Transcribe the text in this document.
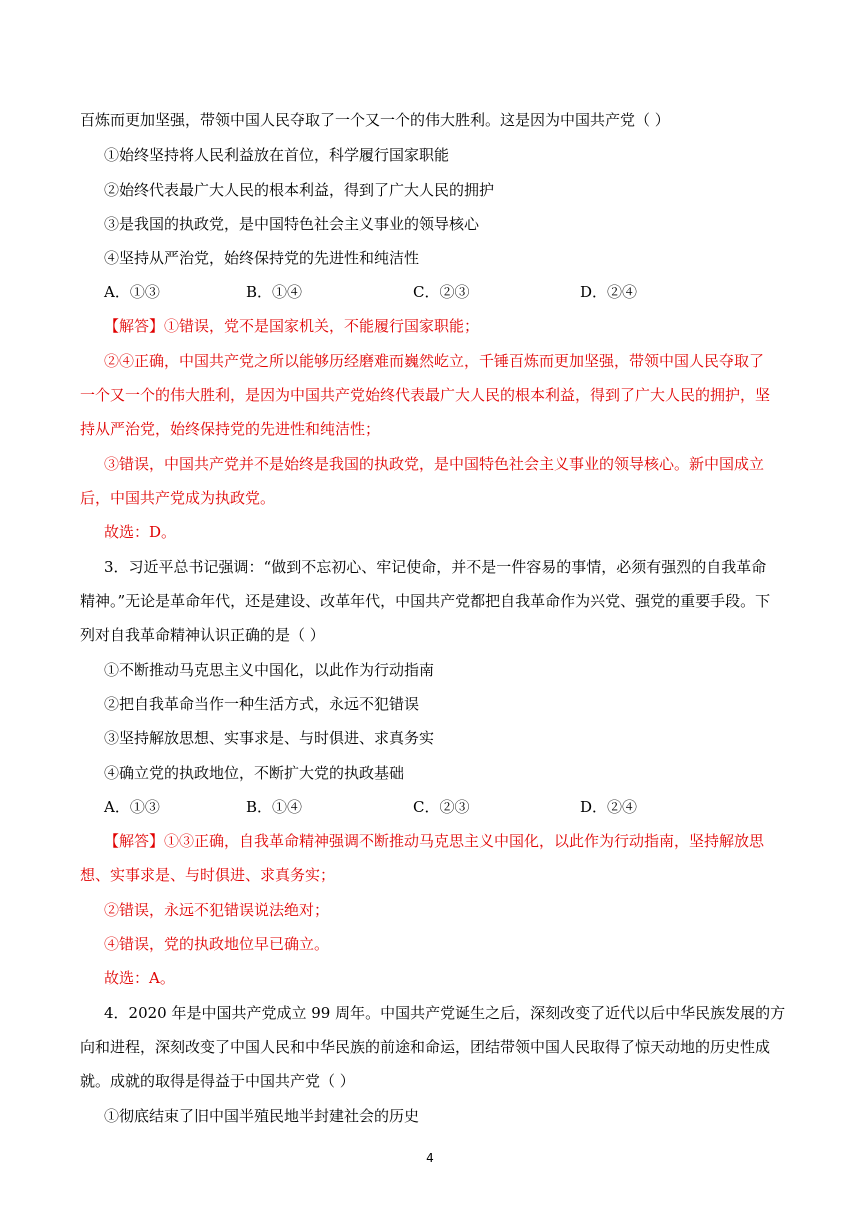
百炼而更加坚强，带领中国人民夺取了一个又一个的伟大胜利。这是因为中国共产党（ ）
①始终坚持将人民利益放在首位，科学履行国家职能
②始终代表最广大人民的根本利益，得到了广大人民的拥护
③是我国的执政党，是中国特色社会主义事业的领导核心
④坚持从严治党，始终保持党的先进性和纯洁性
A．①③	B．①④	C．②③	D．②④
【解答】①错误，党不是国家机关，不能履行国家职能；
②④正确，中国共产党之所以能够历经磨难而巍然屹立，千锤百炼而更加坚强，带领中国人民夺取了
一个又一个的伟大胜利，是因为中国共产党始终代表最广大人民的根本利益，得到了广大人民的拥护，坚
持从严治党，始终保持党的先进性和纯洁性；
③错误，中国共产党并不是始终是我国的执政党，是中国特色社会主义事业的领导核心。新中国成立
后，中国共产党成为执政党。
故选：D。
3．习近平总书记强调：“做到不忘初心、牢记使命，并不是一件容易的事情，必须有强烈的自我革命
精神。”无论是革命年代，还是建设、改革年代，中国共产党都把自我革命作为兴党、强党的重要手段。下
列对自我革命精神认识正确的是（ ）
①不断推动马克思主义中国化，以此作为行动指南
②把自我革命当作一种生活方式，永远不犯错误
③坚持解放思想、实事求是、与时俱进、求真务实
④确立党的执政地位，不断扩大党的执政基础
A．①③	B．①④	C．②③	D．②④
【解答】①③正确，自我革命精神强调不断推动马克思主义中国化，以此作为行动指南，坚持解放思
想、实事求是、与时俱进、求真务实；
②错误，永远不犯错误说法绝对；
④错误，党的执政地位早已确立。
故选：A。
4．2020 年是中国共产党成立 99 周年。中国共产党诞生之后，深刻改变了近代以后中华民族发展的方
向和进程，深刻改变了中国人民和中华民族的前途和命运，团结带领中国人民取得了惊天动地的历史性成
就。成就的取得是得益于中国共产党（ ）
①彻底结束了旧中国半殖民地半封建社会的历史
4
